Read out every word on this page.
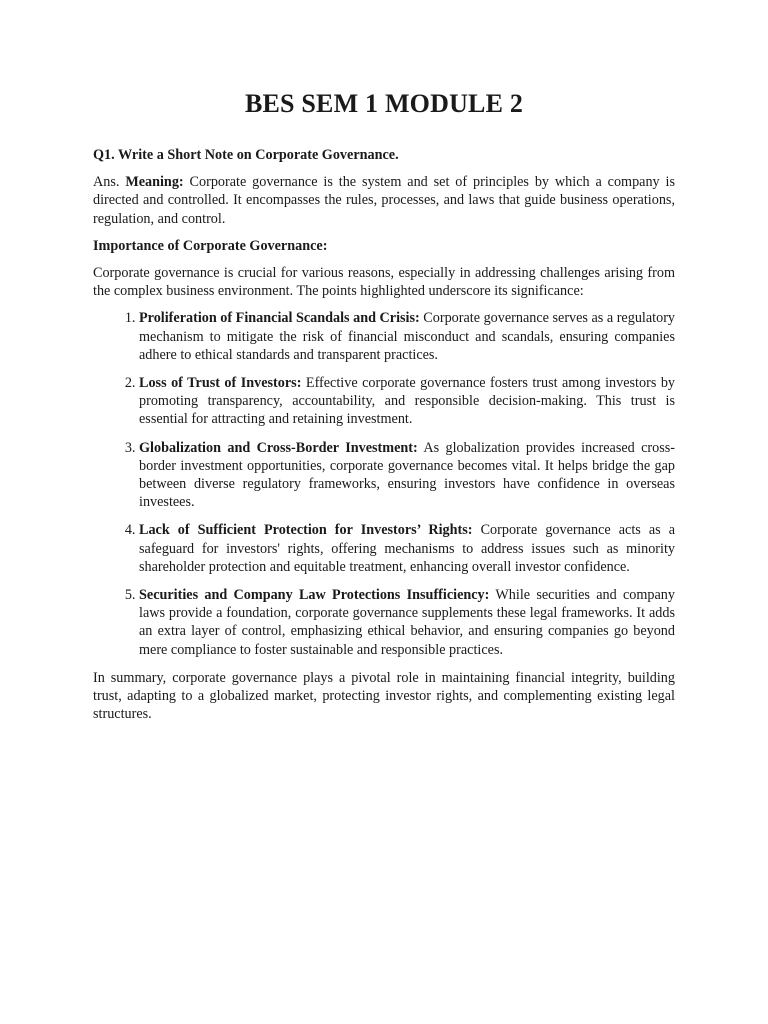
BES SEM 1 MODULE 2

Q1. Write a Short Note on Corporate Governance.

Ans. Meaning: Corporate governance is the system and set of principles by which a company is directed and controlled. It encompasses the rules, processes, and laws that guide business operations, regulation, and control.

Importance of Corporate Governance:

Corporate governance is crucial for various reasons, especially in addressing challenges arising from the complex business environment. The points highlighted underscore its significance:

1. Proliferation of Financial Scandals and Crisis: Corporate governance serves as a regulatory mechanism to mitigate the risk of financial misconduct and scandals, ensuring companies adhere to ethical standards and transparent practices.
2. Loss of Trust of Investors: Effective corporate governance fosters trust among investors by promoting transparency, accountability, and responsible decision-making. This trust is essential for attracting and retaining investment.
3. Globalization and Cross-Border Investment: As globalization provides increased cross-border investment opportunities, corporate governance becomes vital. It helps bridge the gap between diverse regulatory frameworks, ensuring investors have confidence in overseas investees.
4. Lack of Sufficient Protection for Investors’ Rights: Corporate governance acts as a safeguard for investors' rights, offering mechanisms to address issues such as minority shareholder protection and equitable treatment, enhancing overall investor confidence.
5. Securities and Company Law Protections Insufficiency: While securities and company laws provide a foundation, corporate governance supplements these legal frameworks. It adds an extra layer of control, emphasizing ethical behavior, and ensuring companies go beyond mere compliance to foster sustainable and responsible practices.

In summary, corporate governance plays a pivotal role in maintaining financial integrity, building trust, adapting to a globalized market, protecting investor rights, and complementing existing legal structures.
